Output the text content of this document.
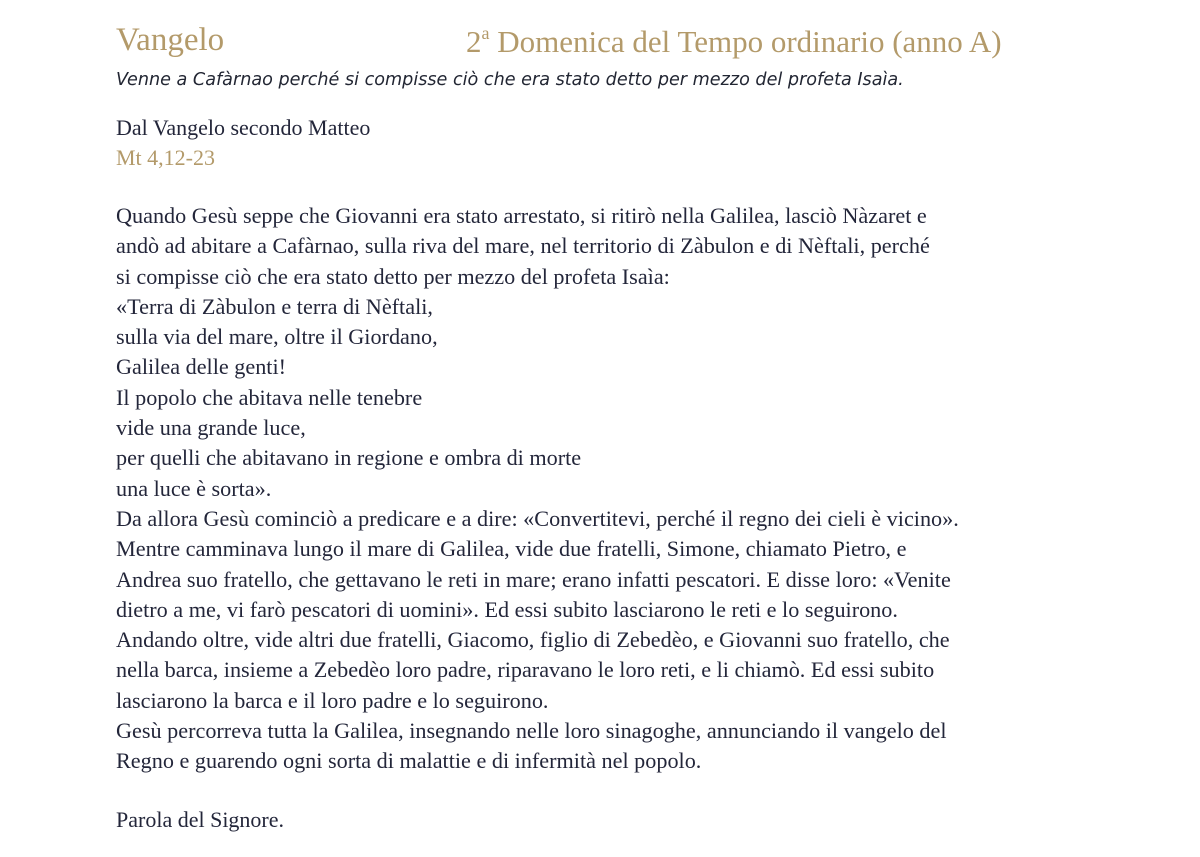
Vangelo	2$^a$ Domenica del Tempo ordinario (anno A)
Venne a Cafàrnao perché si compisse ciò che era stato detto per mezzo del profeta Isaìa.
Dal Vangelo secondo Matteo
Mt 4,12-23
Quando Gesù seppe che Giovanni era stato arrestato, si ritirò nella Galilea, lasciò Nàzaret e
andò ad abitare a Cafàrnao, sulla riva del mare, nel territorio di Zàbulon e di Nèftali, perché
si compisse ciò che era stato detto per mezzo del profeta Isaìa:
«Terra di Zàbulon e terra di Nèftali,
sulla via del mare, oltre il Giordano,
Galilea delle genti!
Il popolo che abitava nelle tenebre
vide una grande luce,
per quelli che abitavano in regione e ombra di morte
una luce è sorta».
Da allora Gesù cominciò a predicare e a dire: «Convertitevi, perché il regno dei cieli è vicino».
Mentre camminava lungo il mare di Galilea, vide due fratelli, Simone, chiamato Pietro, e
Andrea suo fratello, che gettavano le reti in mare; erano infatti pescatori. E disse loro: «Venite
dietro a me, vi farò pescatori di uomini». Ed essi subito lasciarono le reti e lo seguirono.
Andando oltre, vide altri due fratelli, Giacomo, figlio di Zebedèo, e Giovanni suo fratello, che
nella barca, insieme a Zebedèo loro padre, riparavano le loro reti, e li chiamò. Ed essi subito
lasciarono la barca e il loro padre e lo seguirono.
Gesù percorreva tutta la Galilea, insegnando nelle loro sinagoghe, annunciando il vangelo del
Regno e guarendo ogni sorta di malattie e di infermità nel popolo.
Parola del Signore.
